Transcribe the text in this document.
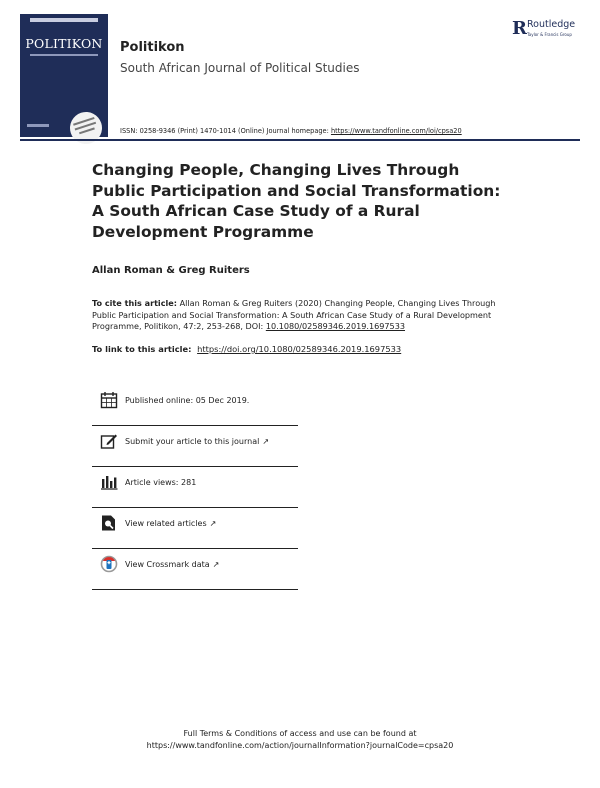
POLITIKON	Politikon
South African Journal of Political Studies
R Routledge
Taylor & Francis Group
ISSN: 0258-9346 (Print) 1470-1014 (Online) Journal homepage: https://www.tandfonline.com/loi/cpsa20
Changing People, Changing Lives Through Public Participation and Social Transformation: A South African Case Study of a Rural Development Programme
Allan Roman & Greg Ruiters
To cite this article: Allan Roman & Greg Ruiters (2020) Changing People, Changing Lives Through Public Participation and Social Transformation: A South African Case Study of a Rural Development Programme, Politikon, 47:2, 253-268, DOI: 10.1080/02589346.2019.1697533
To link to this article: https://doi.org/10.1080/02589346.2019.1697533
Published online: 05 Dec 2019.
Submit your article to this journal ↗
Article views: 281
View related articles ↗
View Crossmark data ↗
Full Terms & Conditions of access and use can be found at
https://www.tandfonline.com/action/journalInformation?journalCode=cpsa20
